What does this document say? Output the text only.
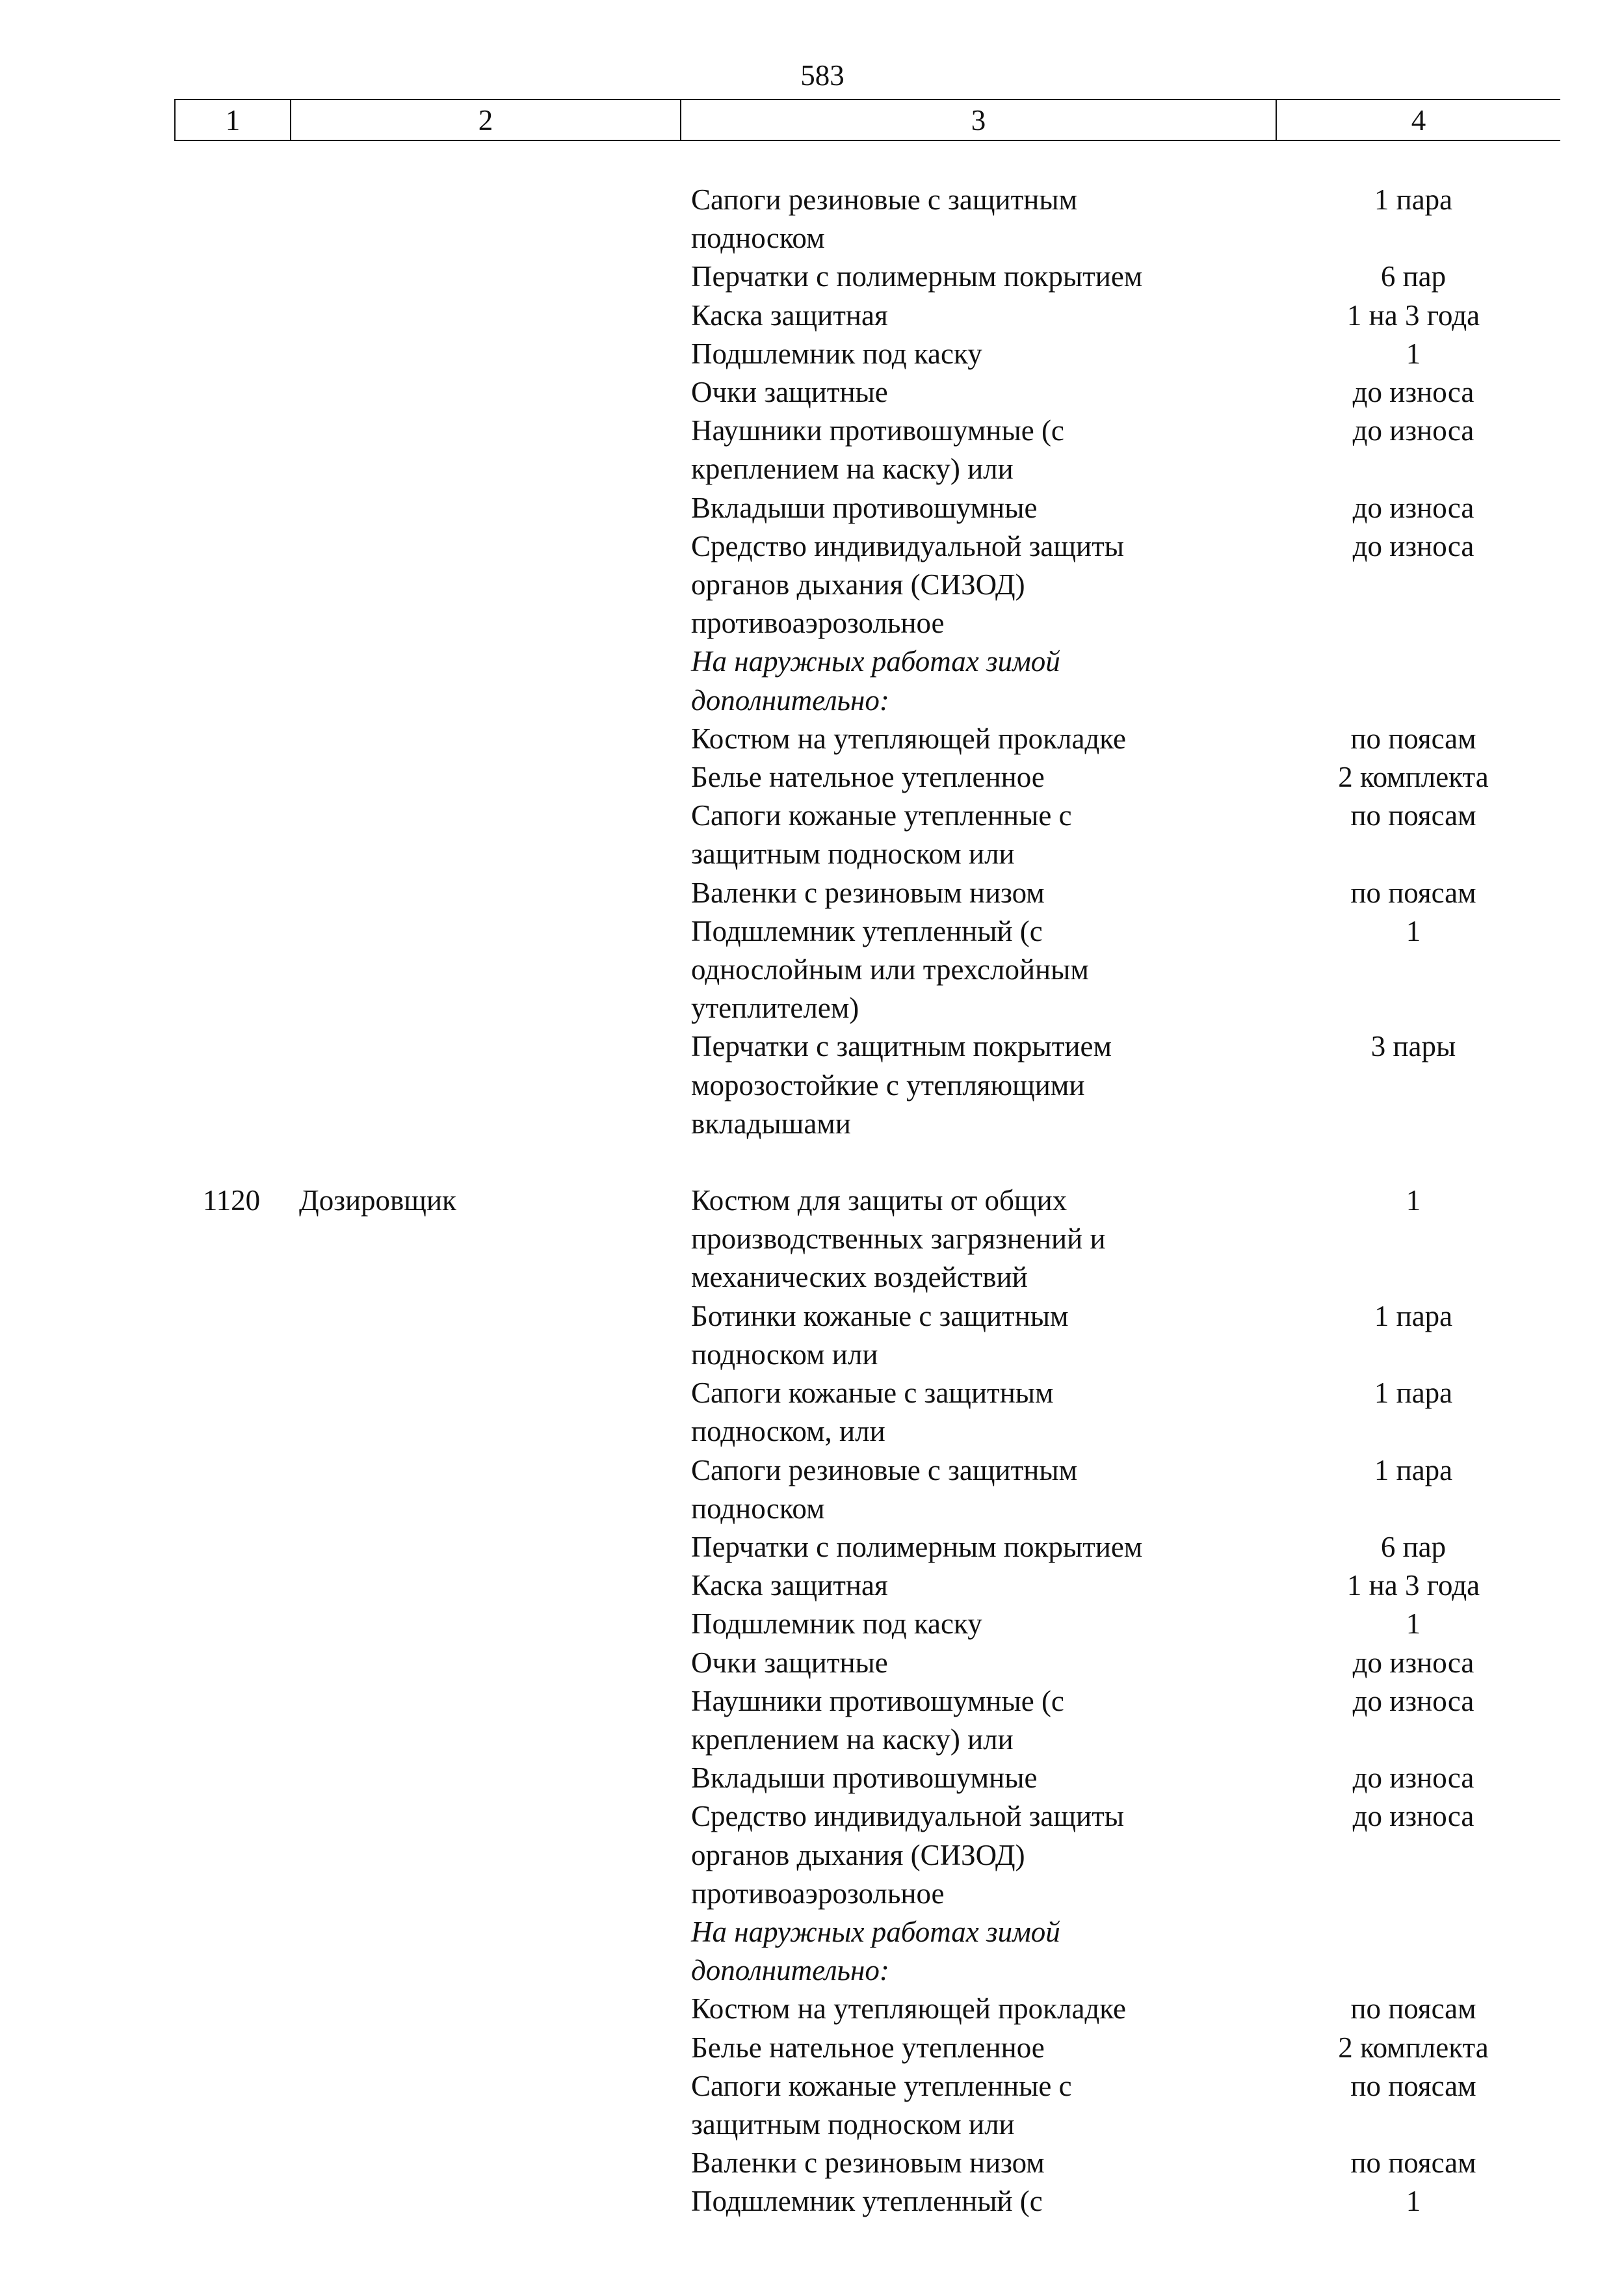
583
1	2	3	4
Сапоги резиновые с защитным	1 пара
подноском
Перчатки с полимерным покрытием	6 пар
Каска защитная	1 на 3 года
Подшлемник под каску	1
Очки защитные	до износа
Наушники противошумные (с	до износа
креплением на каску) или
Вкладыши противошумные	до износа
Средство индивидуальной защиты	до износа
органов дыхания (СИЗОД)
противоаэрозольное
На наружных работах зимой
дополнительно:
Костюм на утепляющей прокладке	по поясам
Белье нательное утепленное	2 комплекта
Сапоги кожаные утепленные с	по поясам
защитным подноском или
Валенки с резиновым низом	по поясам
Подшлемник утепленный (с	1
однослойным или трехслойным
утеплителем)
Перчатки с защитным покрытием	3 пары
морозостойкие с утепляющими
вкладышами
1120	Дозировщик	Костюм для защиты от общих	1
производственных загрязнений и
механических воздействий
Ботинки кожаные с защитным	1 пара
подноском или
Сапоги кожаные с защитным	1 пара
подноском, или
Сапоги резиновые с защитным	1 пара
подноском
Перчатки с полимерным покрытием	6 пар
Каска защитная	1 на 3 года
Подшлемник под каску	1
Очки защитные	до износа
Наушники противошумные (с	до износа
креплением на каску) или
Вкладыши противошумные	до износа
Средство индивидуальной защиты	до износа
органов дыхания (СИЗОД)
противоаэрозольное
На наружных работах зимой
дополнительно:
Костюм на утепляющей прокладке	по поясам
Белье нательное утепленное	2 комплекта
Сапоги кожаные утепленные с	по поясам
защитным подноском или
Валенки с резиновым низом	по поясам
Подшлемник утепленный (с	1
